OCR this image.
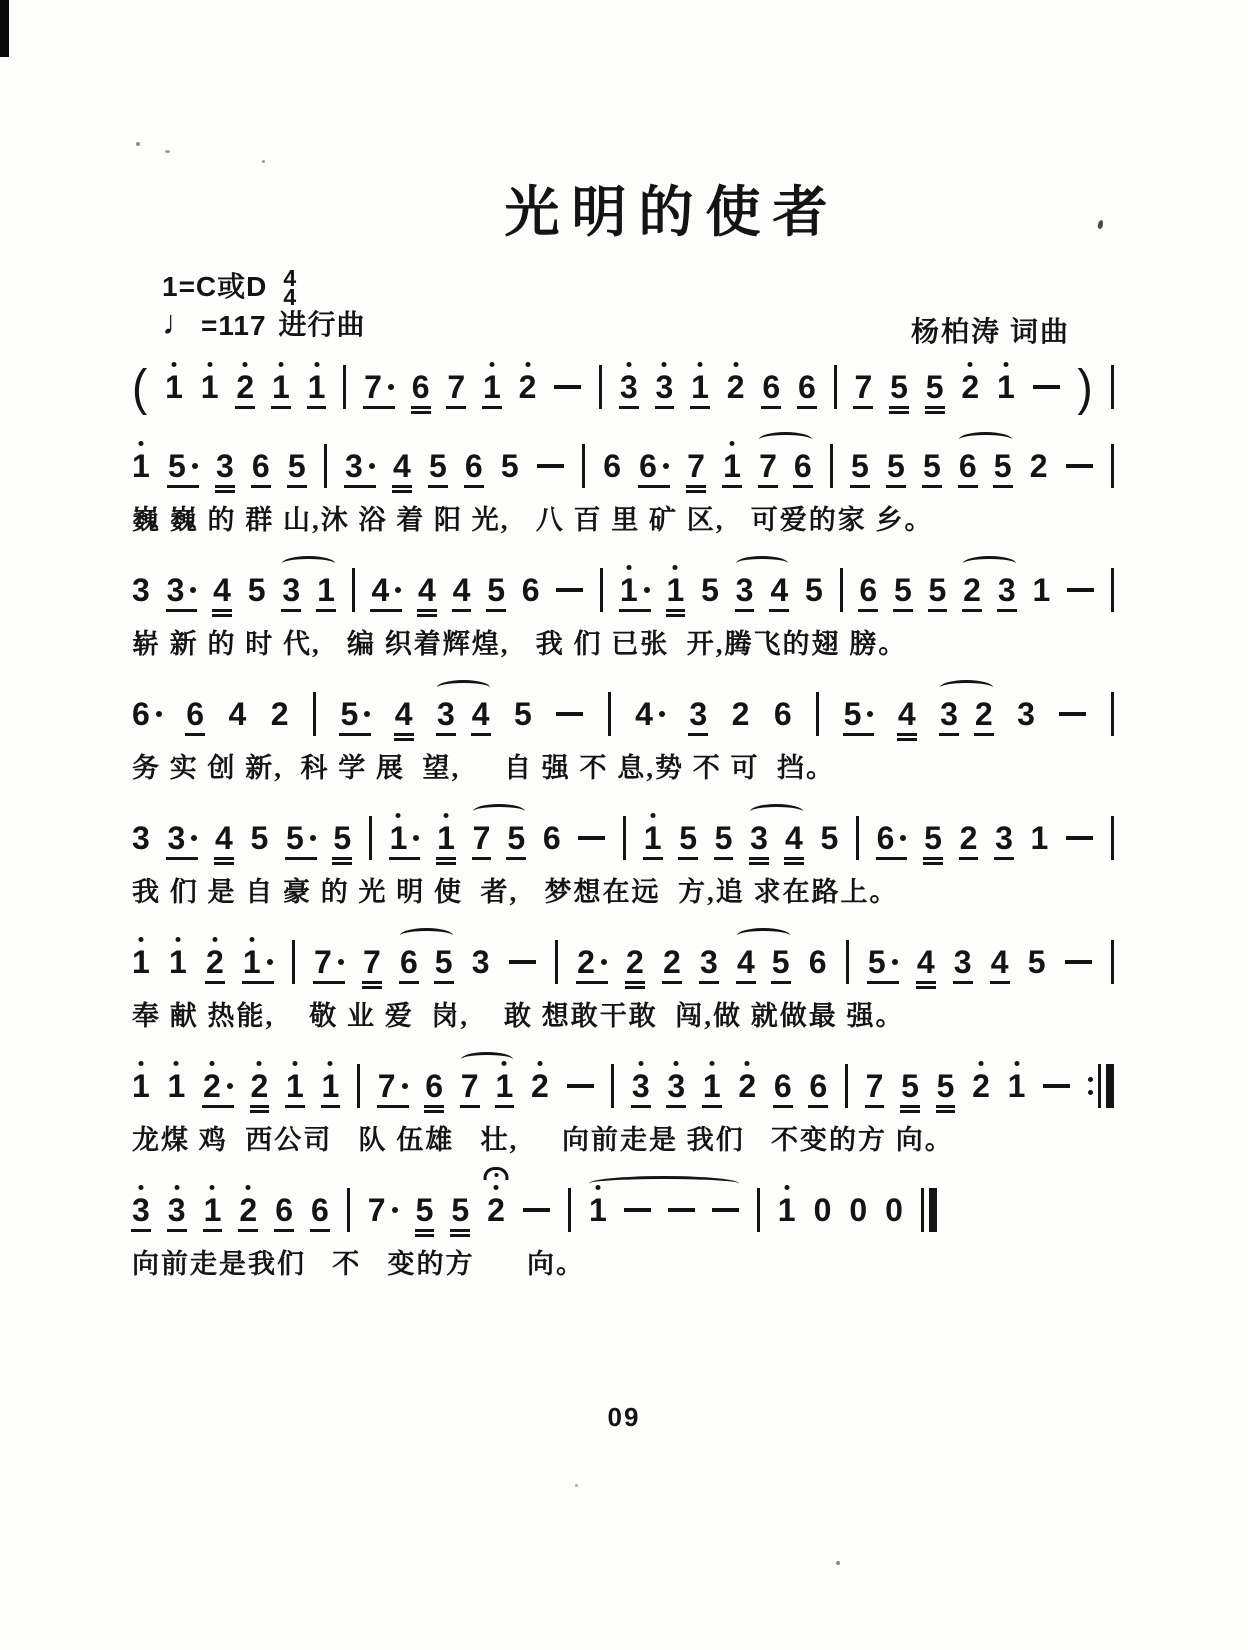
光明的使者
1=C或D 4
4
♩ =117 进行曲	杨柏涛 词曲
( 1 1 2 1 1 7 6 7 1 2	3 3 1 2 6 6 7 5 5 2 1 )
1 5 3 6 5 3 4 5 6 5	6 6 7 1 7 6 5 5 5 6 5 2
巍 巍 的 群 山,沐 浴 着 阳 光,   八 百 里 矿 区,   可爱的家 乡。
3 3 4 5 3 1 4 4 4 5 6	1 1 5 3 4 5 6 5 5 2 3 1
崭 新 的 时 代,   编 织着辉煌,   我 们 已张  开,腾飞的翅 膀。
6 6 4 2 5 4 3 4 5	4 3 2 6 5 4 3 2 3
务 实 创 新,  科 学 展  望,     自 强 不 息,势 不 可  挡。
3 3 4 5 5 5 1 1 7 5 6	1 5 5 3 4 5 6 5 2 3 1
我 们 是 自 豪 的 光 明 使  者,   梦想在远  方,追 求在路上。
1 1 2 1 7 7 6 5 3	2 2 2 3 4 5 6 5 4 3 4 5
奉 献 热能,    敬 业 爱  岗,    敢 想敢干敢  闯,做 就做最 强。
1 1 2 2 1 1 7 6 7 1 2	3 3 1 2 6 6 7 5 5 2 1
龙煤 鸡  西公司   队 伍雄   壮,     向前走是 我们   不变的方 向。
3 3 1 2 6 6 7 5 5 2	1	1 0 0 0
向前走是我们   不   变的方      向。
09
